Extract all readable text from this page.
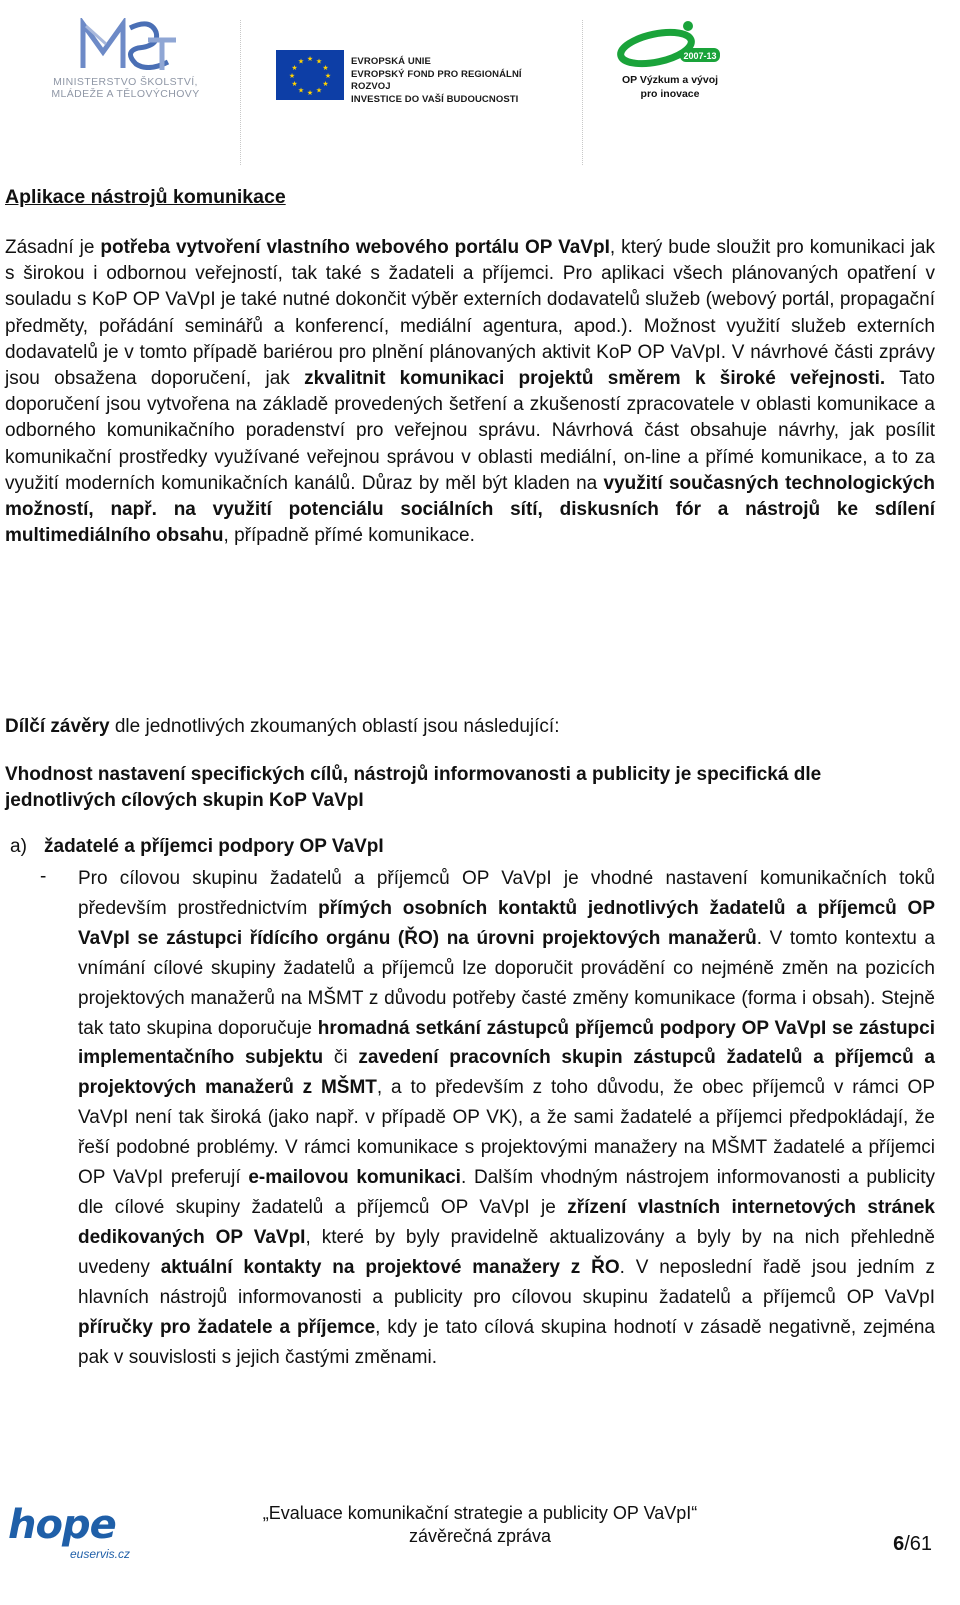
MINISTERSTVO ŠKOLSTVÍ,
MLÁDEŽE A TĚLOVÝCHOVY
★ ★
★
★
★
★
★
★
★
★
★
★	EVROPSKÁ UNIE
EVROPSKÝ FOND PRO REGIONÁLNÍ ROZVOJ
INVESTICE DO VAŠÍ BUDOUCNOSTI
2007-13
OP Výzkum a vývoj
pro inovace
Aplikace nástrojů komunikace

Zásadní je potřeba vytvoření vlastního webového portálu OP VaVpI, který bude sloužit pro komunikaci jak s širokou i odbornou veřejností, tak také s žadateli a příjemci. Pro aplikaci všech plánovaných opatření v souladu s KoP OP VaVpI je také nutné dokončit výběr externích dodavatelů služeb (webový portál, propagační předměty, pořádání seminářů a konferencí, mediální agentura, apod.). Možnost využití služeb externích dodavatelů je v tomto případě bariérou pro plnění plánovaných aktivit KoP OP VaVpI. V návrhové části zprávy jsou obsažena doporučení, jak zkvalitnit komunikaci projektů směrem k široké veřejnosti. Tato doporučení jsou vytvořena na základě provedených šetření a zkušeností zpracovatele v oblasti komunikace a odborného komunikačního poradenství pro veřejnou správu. Návrhová část obsahuje návrhy, jak posílit komunikační prostředky využívané veřejnou správou v oblasti mediální, on-line a přímé komunikace, a to za využití moderních komunikačních kanálů. Důraz by měl být kladen na využití současných technologických možností, např. na využití potenciálu sociálních sítí, diskusních fór a nástrojů ke sdílení multimediálního obsahu, případně přímé komunikace.

Dílčí závěry dle jednotlivých zkoumaných oblastí jsou následující:

Vhodnost nastavení specifických cílů, nástrojů informovanosti a publicity je specifická dle jednotlivých cílových skupin KoP VaVpI

a) žadatelé a příjemci podpory OP VaVpI
- Pro cílovou skupinu žadatelů a příjemců OP VaVpI je vhodné nastavení komunikačních toků především prostřednictvím přímých osobních kontaktů jednotlivých žadatelů a příjemců OP VaVpI se zástupci řídícího orgánu (ŘO) na úrovni projektových manažerů. V tomto kontextu a vnímání cílové skupiny žadatelů a příjemců lze doporučit provádění co nejméně změn na pozicích projektových manažerů na MŠMT z důvodu potřeby časté změny komunikace (forma i obsah). Stejně tak tato skupina doporučuje hromadná setkání zástupců příjemců podpory OP VaVpI se zástupci implementačního subjektu či zavedení pracovních skupin zástupců žadatelů a příjemců a projektových manažerů z MŠMT, a to především z toho důvodu, že obec příjemců v rámci OP VaVpI není tak široká (jako např. v případě OP VK), a že sami žadatelé a příjemci předpokládají, že řeší podobné problémy. V rámci komunikace s projektovými manažery na MŠMT žadatelé a příjemci OP VaVpI preferují e-mailovou komunikaci. Dalším vhodným nástrojem informovanosti a publicity dle cílové skupiny žadatelů a příjemců OP VaVpI je zřízení vlastních internetových stránek dedikovaných OP VaVpI, které by byly pravidelně aktualizovány a byly by na nich přehledně uvedeny aktuální kontakty na projektové manažery z ŘO. V neposlední řadě jsou jedním z hlavních nástrojů informovanosti a publicity pro cílovou skupinu žadatelů a příjemců OP VaVpI příručky pro žadatele a příjemce, kdy je tato cílová skupina hodnotí v zásadě negativně, zejména pak v souvislosti s jejich častými změnami.

hope
euservis.cz
„Evaluace komunikační strategie a publicity OP VaVpI“
závěrečná zpráva	6/61
